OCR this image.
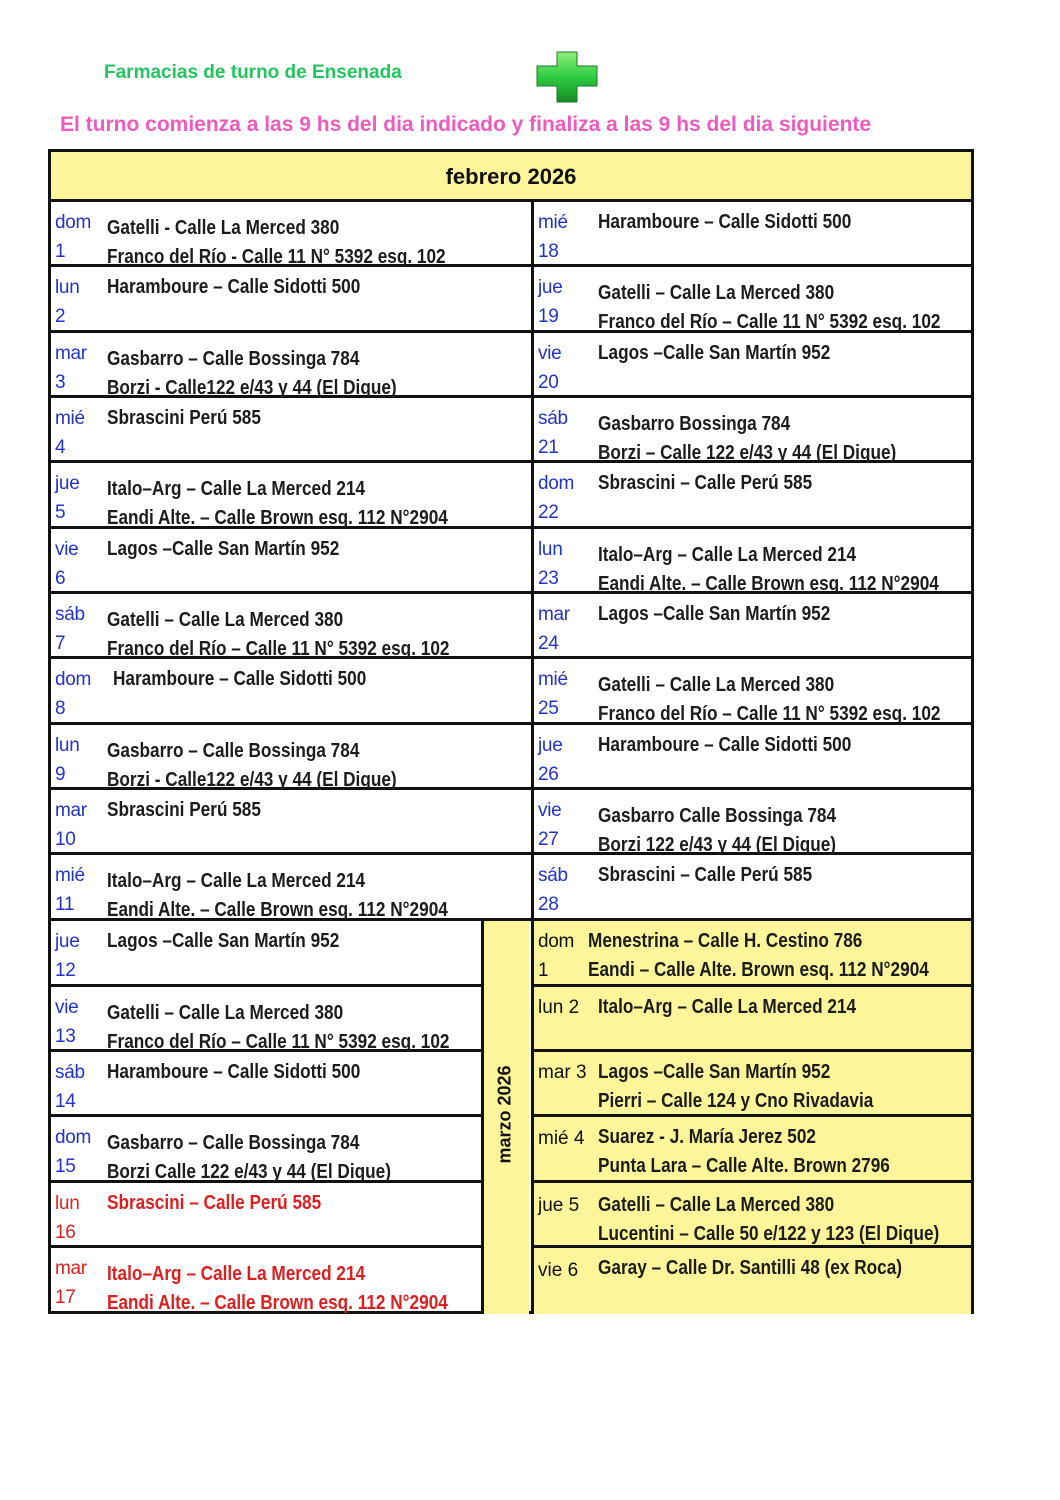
Farmacias de turno de Ensenada
El turno comienza a las 9 hs del dia indicado y finaliza a las 9 hs del dia siguiente
febrero 2026
dom
1
Gatelli - Calle La Merced 380
Franco del Río - Calle 11 N° 5392 esq. 102
lun
2
Haramboure – Calle Sidotti 500
mar
3
Gasbarro – Calle Bossinga 784
Borzi - Calle122 e/43 y 44 (El Dique)
mié
4
Sbrascini Perú 585
jue
5
Italo–Arg – Calle La Merced 214
Eandi Alte. – Calle Brown esq. 112 N°2904
vie
6
Lagos –Calle San Martín 952
sáb
7
Gatelli – Calle La Merced 380
Franco del Río – Calle 11 N° 5392 esq. 102
dom
8
Haramboure – Calle Sidotti 500
lun
9
Gasbarro – Calle Bossinga 784
Borzi - Calle122 e/43 y 44 (El Dique)
mar
10
Sbrascini Perú 585
mié
11
Italo–Arg – Calle La Merced 214
Eandi Alte. – Calle Brown esq. 112 N°2904
jue
12
Lagos –Calle San Martín 952
vie
13
Gatelli – Calle La Merced 380
Franco del Río – Calle 11 N° 5392 esq. 102
sáb
14
Haramboure – Calle Sidotti 500
dom
15
Gasbarro – Calle Bossinga 784
Borzi Calle 122 e/43 y 44 (El Dique)
lun
16
Sbrascini – Calle Perú 585
mar
17
Italo–Arg – Calle La Merced 214
Eandi Alte. – Calle Brown esq. 112 N°2904
marzo 2026
mié
18
Haramboure – Calle Sidotti 500
jue
19
Gatelli – Calle La Merced 380
Franco del Río – Calle 11 N° 5392 esq. 102
vie
20
Lagos –Calle San Martín 952
sáb
21
Gasbarro Bossinga 784
Borzi – Calle 122 e/43 y 44 (El Dique)
dom
22
Sbrascini – Calle Perú 585
lun
23
Italo–Arg – Calle La Merced 214
Eandi Alte. – Calle Brown esq. 112 N°2904
mar
24
Lagos –Calle San Martín 952
mié
25
Gatelli – Calle La Merced 380
Franco del Río – Calle 11 N° 5392 esq. 102
jue
26
Haramboure – Calle Sidotti 500
vie
27
Gasbarro Calle Bossinga 784
Borzi 122 e/43 y 44 (El Dique)
sáb
28
Sbrascini – Calle Perú 585
dom
1
Menestrina – Calle H. Cestino 786
Eandi – Calle Alte. Brown esq. 112 N°2904
lun 2 Italo–Arg – Calle La Merced 214
mar 3 Lagos –Calle San Martín 952
Pierri – Calle 124 y Cno Rivadavia
mié 4 Suarez - J. María Jerez 502
Punta Lara – Calle Alte. Brown 2796
jue 5 Gatelli – Calle La Merced 380
Lucentini – Calle 50 e/122 y 123 (El Dique)
vie 6 Garay – Calle Dr. Santilli 48 (ex Roca)
